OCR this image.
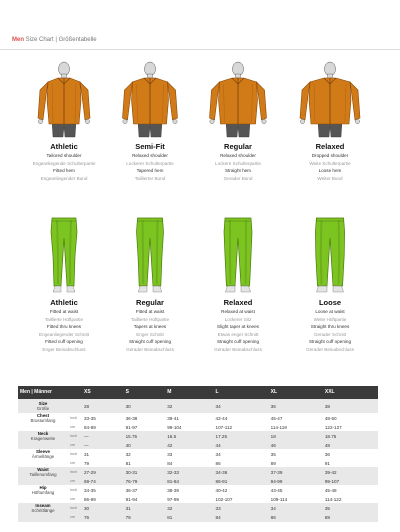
Men Size Chart | Größentabelle
Athletic
Tailored shoulder
Engeanliegende Schulterpartie
Fitted hem
Engeanliegender Bund
Semi-Fit
Relaxed shoulder
Lockerer Schulterpartie
Tapered hem
Taillierter Bund
Regular
Relaxed shoulder
Lockere Schulterpartie
Straight hem
Gerader Bund
Relaxed
Dropped shoulder
Weite Schulterpartie
Loose hem
Weiter Bund
Athletic
Fitted at waist
Taillierte Hüftpartie
Fitted thru knees
Engeanliegender Schnitt
Fitted cuff opening
Enger Beinabschluss
Regular
Fitted at waist
Taillierte Hüftpartie
Tapers at knees
Enger Schnitt
Straight cuff opening
Gerader Beinabschluss
Relaxed
Relaxed at waist
Lockerer Sitz
Slight taper at knees
Etwas enger Schnitt
Straight cuff opening
Gerader Beinabschluss
Loose
Loose at waist
Weite Hüftpartie
Straight thru knees
Gerader Schnitt
Straight cuff opening
Gerader Beinabschluss
Men | Männer		XS	S	M	L	XL	XXL

Size
Größe		28	30	32	34	36	38

Chest
Brustumfang	inch	33-35	36-38	39-41	42-44	45-47	48-50
	cm	84-89	91-97	99-104	107-112	114-119	122-127

Neck
Kragenweite	inch	—	15.75	16.5	17.25	18	18.75
	cm	—	40	42	44	46	48

Sleeve
Ärmellänge	inch	31	32	33	34	35	36
	cm	79	81	84	86	89	91

Waist
Taillenumfang	inch	27-29	30-31	32-33	34-36	37-39	39-42
	cm	69-74	76-79	81-84	86-91	94-99	99-107

Hip
Hüftumfang	inch	34-35	36-37	38-39	40-42	43-45	45-48
	cm	86-89	91-94	97-99	102-107	109-114	114-122

Inseam
Schrittlänge	inch	30	31	32	33	34	35
	cm	76	79	81	84	86	89
